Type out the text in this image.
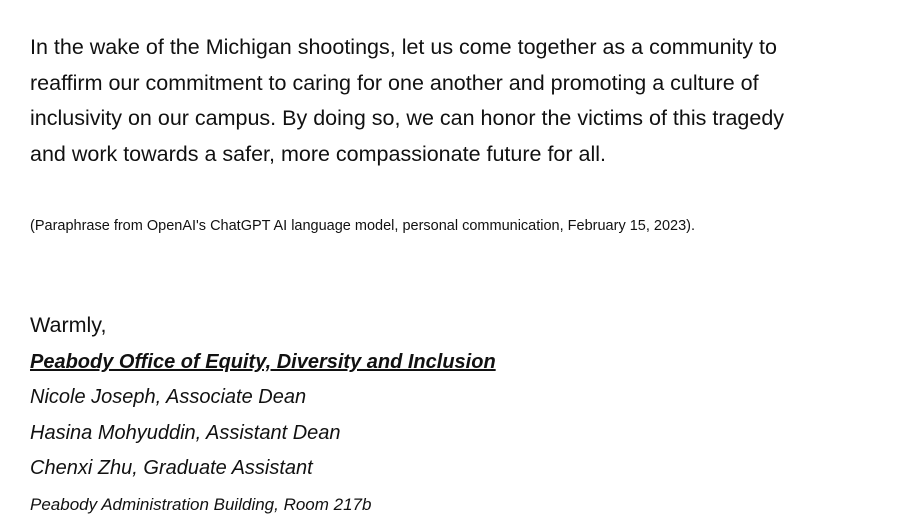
In the wake of the Michigan shootings, let us come together as a community to
reaffirm our commitment to caring for one another and promoting a culture of
inclusivity on our campus. By doing so, we can honor the victims of this tragedy
and work towards a safer, more compassionate future for all.

(Paraphrase from OpenAI's ChatGPT AI language model, personal communication, February 15, 2023).

Warmly,

Peabody Office of Equity, Diversity and Inclusion

Nicole Joseph, Associate Dean

Hasina Mohyuddin, Assistant Dean

Chenxi Zhu, Graduate Assistant

Peabody Administration Building, Room 217b
